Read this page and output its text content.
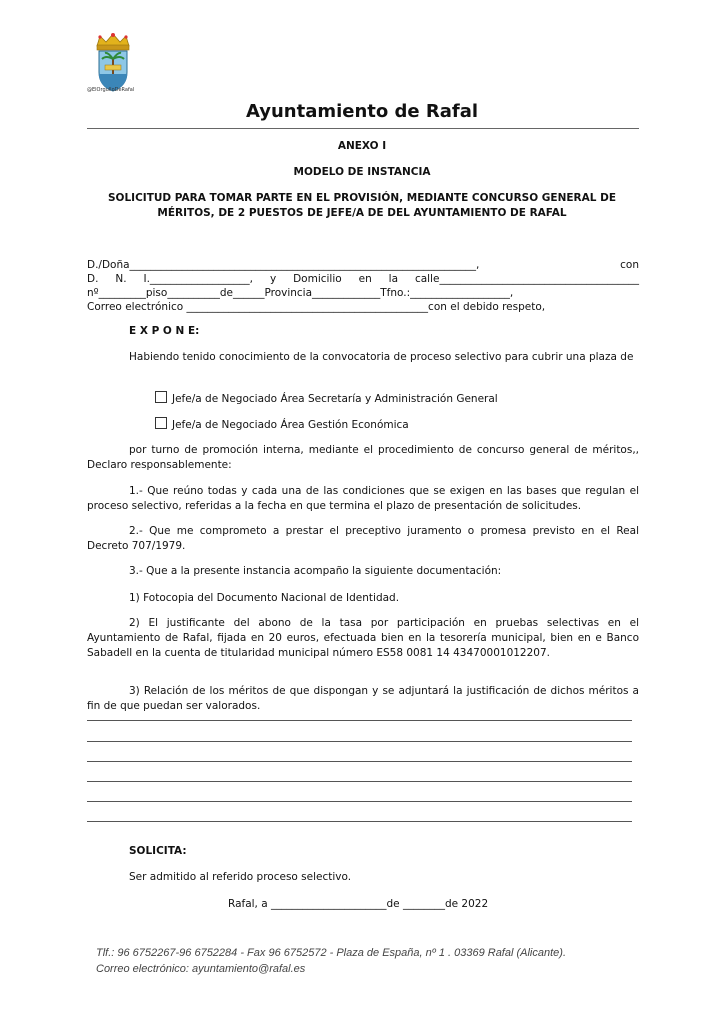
@ElOrgulloDeRafal
Ayuntamiento de Rafal
ANEXO I
MODELO DE INSTANCIA
SOLICITUD PARA TOMAR PARTE EN EL PROVISIÓN, MEDIANTE CONCURSO GENERAL DE
MÉRITOS, DE 2 PUESTOS DE JEFE/A DE DEL AYUNTAMIENTO DE RAFAL
D./Doña__________________________________________________________________,	con
D. N. I.___________________, y Domicilio en la calle______________________________________
nº_________piso__________de______Provincia_____________Tfno.:___________________,
Correo electrónico ______________________________________________con el debido respeto,
E X P O N E:
Habiendo tenido conocimiento de la convocatoria de proceso selectivo para cubrir una plaza de
Jefe/a de Negociado Área Secretaría y Administración General
Jefe/a de Negociado Área Gestión Económica
por turno de promoción interna, mediante el procedimiento de concurso general de méritos,, Declaro responsablemente:
1.- Que reúno todas y cada una de las condiciones que se exigen en las bases que regulan el proceso selectivo, referidas a la fecha en que termina el plazo de presentación de solicitudes.
2.- Que me comprometo a prestar el preceptivo juramento o promesa previsto en el Real Decreto 707/1979.
3.- Que a la presente instancia acompaño la siguiente documentación:
1) Fotocopia del Documento Nacional de Identidad.
2) El justificante del abono de la tasa por participación en pruebas selectivas en el Ayuntamiento de Rafal, fijada en 20 euros, efectuada bien en la tesorería municipal, bien en e Banco Sabadell en la cuenta de titularidad municipal número ES58 0081 14 43470001012207.
3) Relación de los méritos de que dispongan y se adjuntará la justificación de dichos méritos a fin de que puedan ser valorados.
SOLICITA:
Ser admitido al referido proceso selectivo.
Rafal, a ______________________de ________de 2022
Tlf.: 96 6752267-96 6752284 - Fax 96 6752572 - Plaza de España, nº 1 . 03369 Rafal (Alicante).
Correo electrónico: ayuntamiento@rafal.es
